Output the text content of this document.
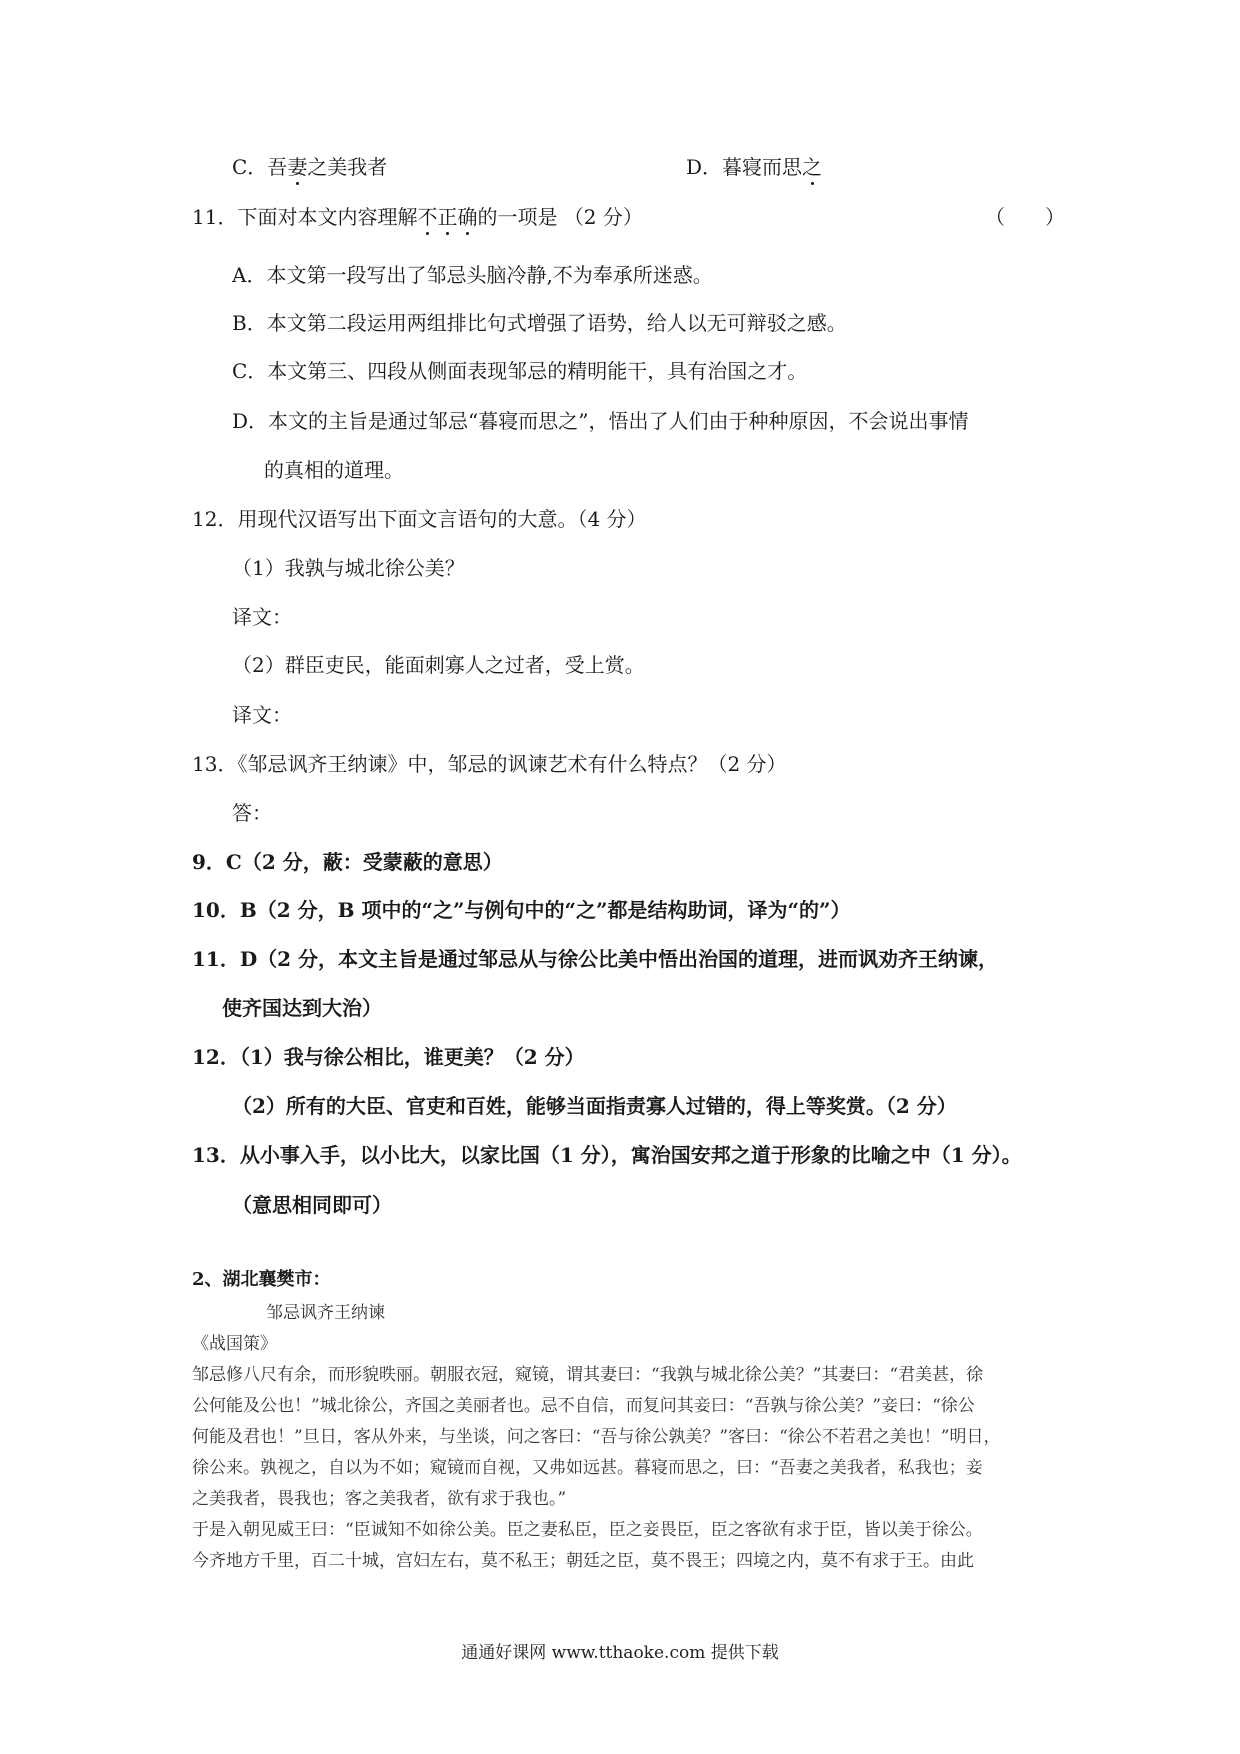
C．吾妻之美我者	D．暮寝而思之
11．下面对本文内容理解不正确的一项是 （2 分）	（　　）
A．本文第一段写出了邹忌头脑冷静,不为奉承所迷惑。
B．本文第二段运用两组排比句式增强了语势，给人以无可辩驳之感。
C．本文第三、四段从侧面表现邹忌的精明能干，具有治国之才。
D．本文的主旨是通过邹忌“暮寝而思之”，悟出了人们由于种种原因，不会说出事情
的真相的道理。
12．用现代汉语写出下面文言语句的大意。（4 分）
（1）我孰与城北徐公美？
译文：
（2）群臣吏民，能面刺寡人之过者，受上赏。
译文：
13．《邹忌讽齐王纳谏》中，邹忌的讽谏艺术有什么特点？（2 分）
答：
9．C（2 分，蔽：受蒙蔽的意思）
10．B（2 分，B 项中的“之”与例句中的“之”都是结构助词，译为“的”）
11．D（2 分，本文主旨是通过邹忌从与徐公比美中悟出治国的道理，进而讽劝齐王纳谏，
使齐国达到大治）
12．（1）我与徐公相比，谁更美？（2 分）
（2）所有的大臣、官吏和百姓，能够当面指责寡人过错的，得上等奖赏。（2 分）
13．从小事入手，以小比大，以家比国（1 分），寓治国安邦之道于形象的比喻之中（1 分）。
（意思相同即可）
2、湖北襄樊市：
邹忌讽齐王纳谏
《战国策》
邹忌修八尺有余，而形貌昳丽。朝服衣冠，窥镜，谓其妻曰：“我孰与城北徐公美？”其妻曰：“君美甚，徐
公何能及公也！”城北徐公，齐国之美丽者也。忌不自信，而复问其妾曰：“吾孰与徐公美？”妾曰：“徐公
何能及君也！”旦日，客从外来，与坐谈，问之客曰：“吾与徐公孰美？”客曰：“徐公不若君之美也！”明日，
徐公来。孰视之，自以为不如；窥镜而自视，又弗如远甚。暮寝而思之，曰：“吾妻之美我者，私我也；妾
之美我者，畏我也；客之美我者，欲有求于我也。”
于是入朝见威王曰：“臣诚知不如徐公美。臣之妻私臣，臣之妾畏臣，臣之客欲有求于臣，皆以美于徐公。
今齐地方千里，百二十城，宫妇左右，莫不私王；朝廷之臣，莫不畏王；四境之内，莫不有求于王。由此
通通好课网 www.tthaoke.com 提供下载
